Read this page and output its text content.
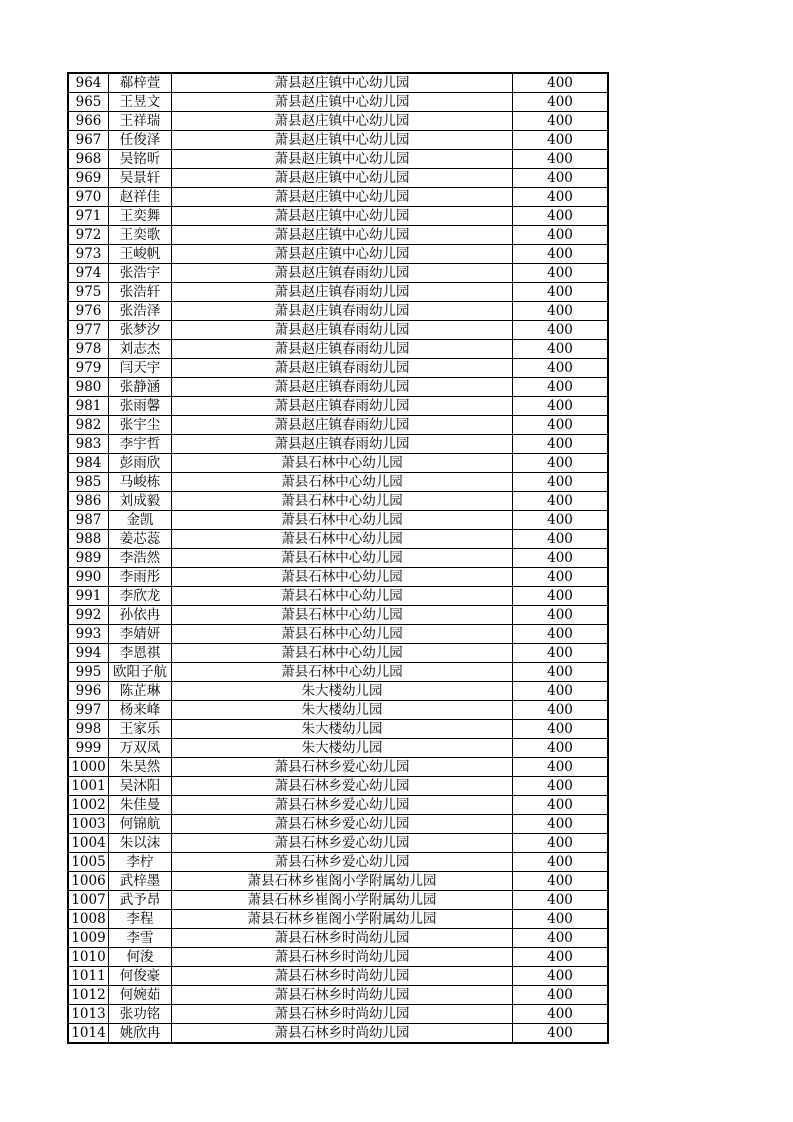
964	郗梓萱	萧县赵庄镇中心幼儿园	400
965	王昱文	萧县赵庄镇中心幼儿园	400
966	王祥瑞	萧县赵庄镇中心幼儿园	400
967	任俊泽	萧县赵庄镇中心幼儿园	400
968	吴铭昕	萧县赵庄镇中心幼儿园	400
969	吴景轩	萧县赵庄镇中心幼儿园	400
970	赵祥佳	萧县赵庄镇中心幼儿园	400
971	王奕舞	萧县赵庄镇中心幼儿园	400
972	王奕歌	萧县赵庄镇中心幼儿园	400
973	王峻帆	萧县赵庄镇中心幼儿园	400
974	张浩宇	萧县赵庄镇春雨幼儿园	400
975	张浩轩	萧县赵庄镇春雨幼儿园	400
976	张浩泽	萧县赵庄镇春雨幼儿园	400
977	张梦汐	萧县赵庄镇春雨幼儿园	400
978	刘志杰	萧县赵庄镇春雨幼儿园	400
979	闫天宇	萧县赵庄镇春雨幼儿园	400
980	张静涵	萧县赵庄镇春雨幼儿园	400
981	张雨馨	萧县赵庄镇春雨幼儿园	400
982	张宇尘	萧县赵庄镇春雨幼儿园	400
983	李宇哲	萧县赵庄镇春雨幼儿园	400
984	彭雨欣	萧县石林中心幼儿园	400
985	马峻栋	萧县石林中心幼儿园	400
986	刘成毅	萧县石林中心幼儿园	400
987	金凯	萧县石林中心幼儿园	400
988	姜芯蕊	萧县石林中心幼儿园	400
989	李浩然	萧县石林中心幼儿园	400
990	李雨彤	萧县石林中心幼儿园	400
991	李欣龙	萧县石林中心幼儿园	400
992	孙依冉	萧县石林中心幼儿园	400
993	李婧妍	萧县石林中心幼儿园	400
994	李恩祺	萧县石林中心幼儿园	400
995	欧阳子航	萧县石林中心幼儿园	400
996	陈芷琳	朱大楼幼儿园	400
997	杨来峰	朱大楼幼儿园	400
998	王家乐	朱大楼幼儿园	400
999	万双凤	朱大楼幼儿园	400
1000	朱昊然	萧县石林乡爱心幼儿园	400
1001	吴沐阳	萧县石林乡爱心幼儿园	400
1002	朱佳曼	萧县石林乡爱心幼儿园	400
1003	何锦航	萧县石林乡爱心幼儿园	400
1004	朱以沫	萧县石林乡爱心幼儿园	400
1005	李柠	萧县石林乡爱心幼儿园	400
1006	武梓墨	萧县石林乡崔阁小学附属幼儿园	400
1007	武予昂	萧县石林乡崔阁小学附属幼儿园	400
1008	李程	萧县石林乡崔阁小学附属幼儿园	400
1009	李雪	萧县石林乡时尚幼儿园	400
1010	何浚	萧县石林乡时尚幼儿园	400
1011	何俊豪	萧县石林乡时尚幼儿园	400
1012	何婉茹	萧县石林乡时尚幼儿园	400
1013	张功铭	萧县石林乡时尚幼儿园	400
1014	姚欣冉	萧县石林乡时尚幼儿园	400
